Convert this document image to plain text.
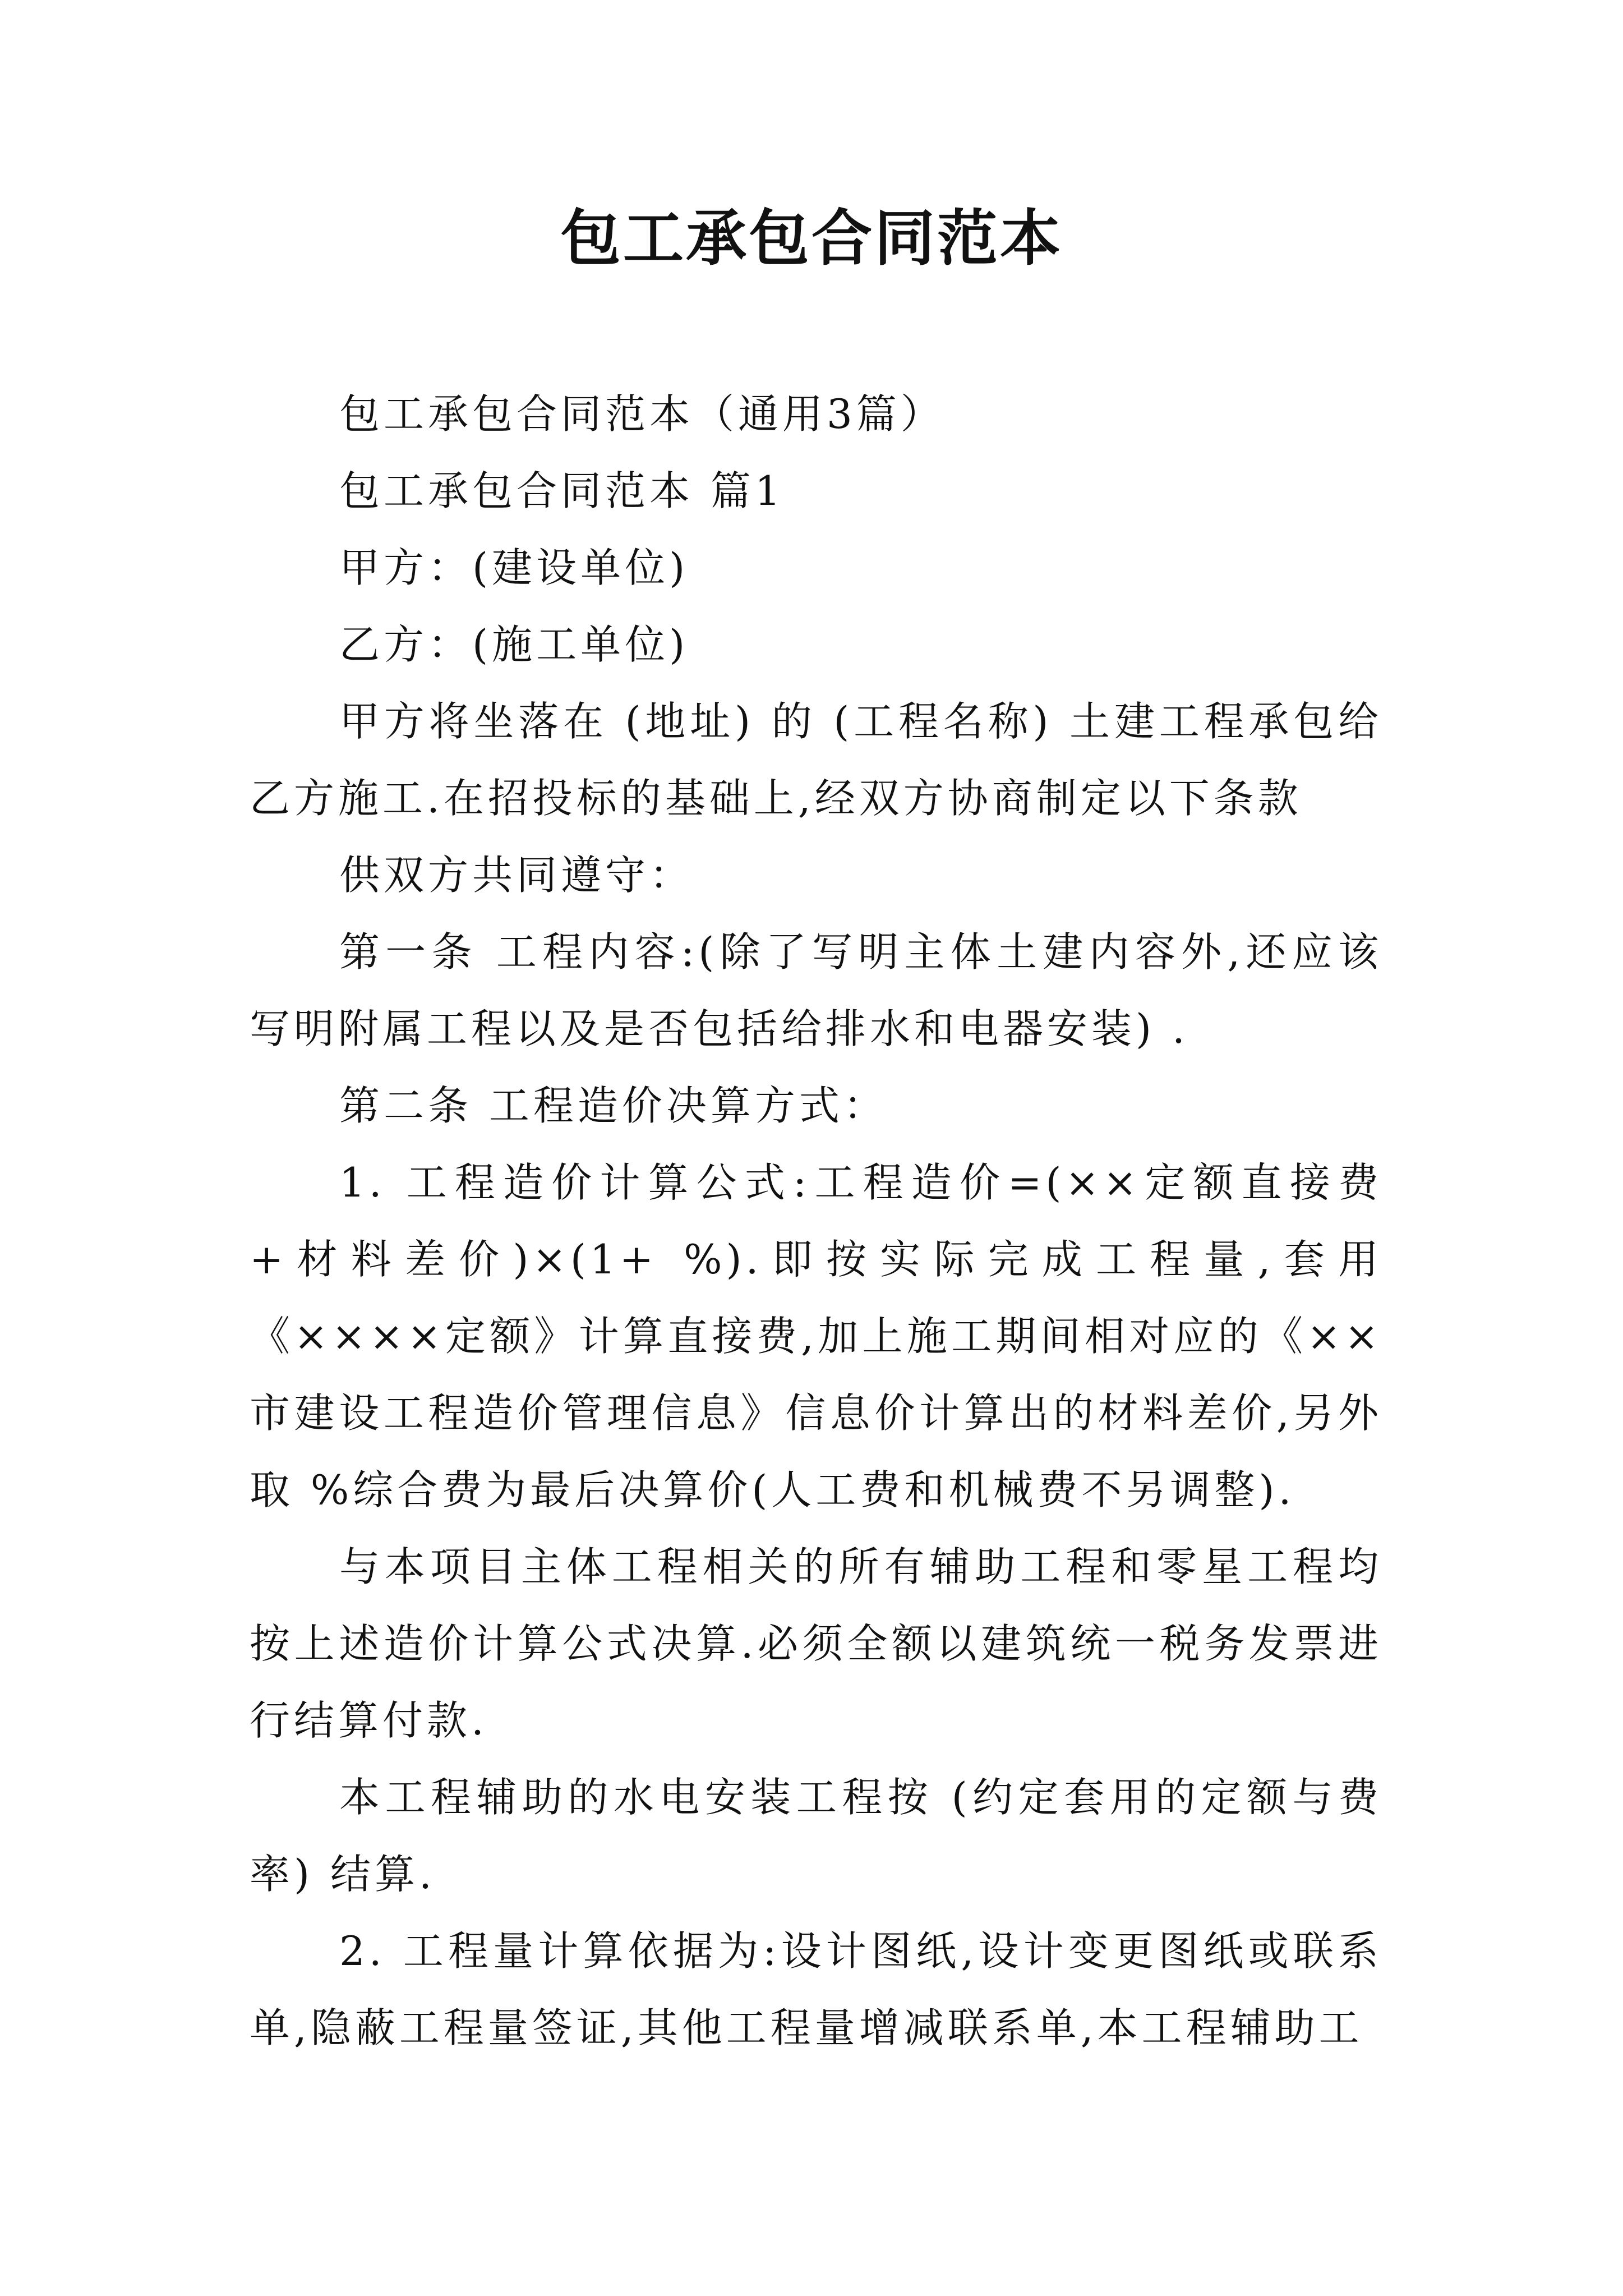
包工承包合同范本

包工承包合同范本（通用3篇）

包工承包合同范本 篇1

甲方：(建设单位)

乙方：(施工单位)

甲方将坐落在 (地址) 的 (工程名称) 土建工程承包给乙方施工.在招投标的基础上,经双方协商制定以下条款

供双方共同遵守：

第一条 工程内容:(除了写明主体土建内容外,还应该写明附属工程以及是否包括给排水和电器安装) .

第二条 工程造价决算方式：

1. 工程造价计算公式:工程造价=(××定额直接费+材料差价)×(1+ %).即按实际完成工程量,套用《××××定额》计算直接费,加上施工期间相对应的《××市建设工程造价管理信息》信息价计算出的材料差价,另外取 %综合费为最后决算价(人工费和机械费不另调整).

与本项目主体工程相关的所有辅助工程和零星工程均按上述造价计算公式决算.必须全额以建筑统一税务发票进行结算付款.

本工程辅助的水电安装工程按 (约定套用的定额与费率) 结算.

2. 工程量计算依据为:设计图纸,设计变更图纸或联系单,隐蔽工程量签证,其他工程量增减联系单,本工程辅助工
